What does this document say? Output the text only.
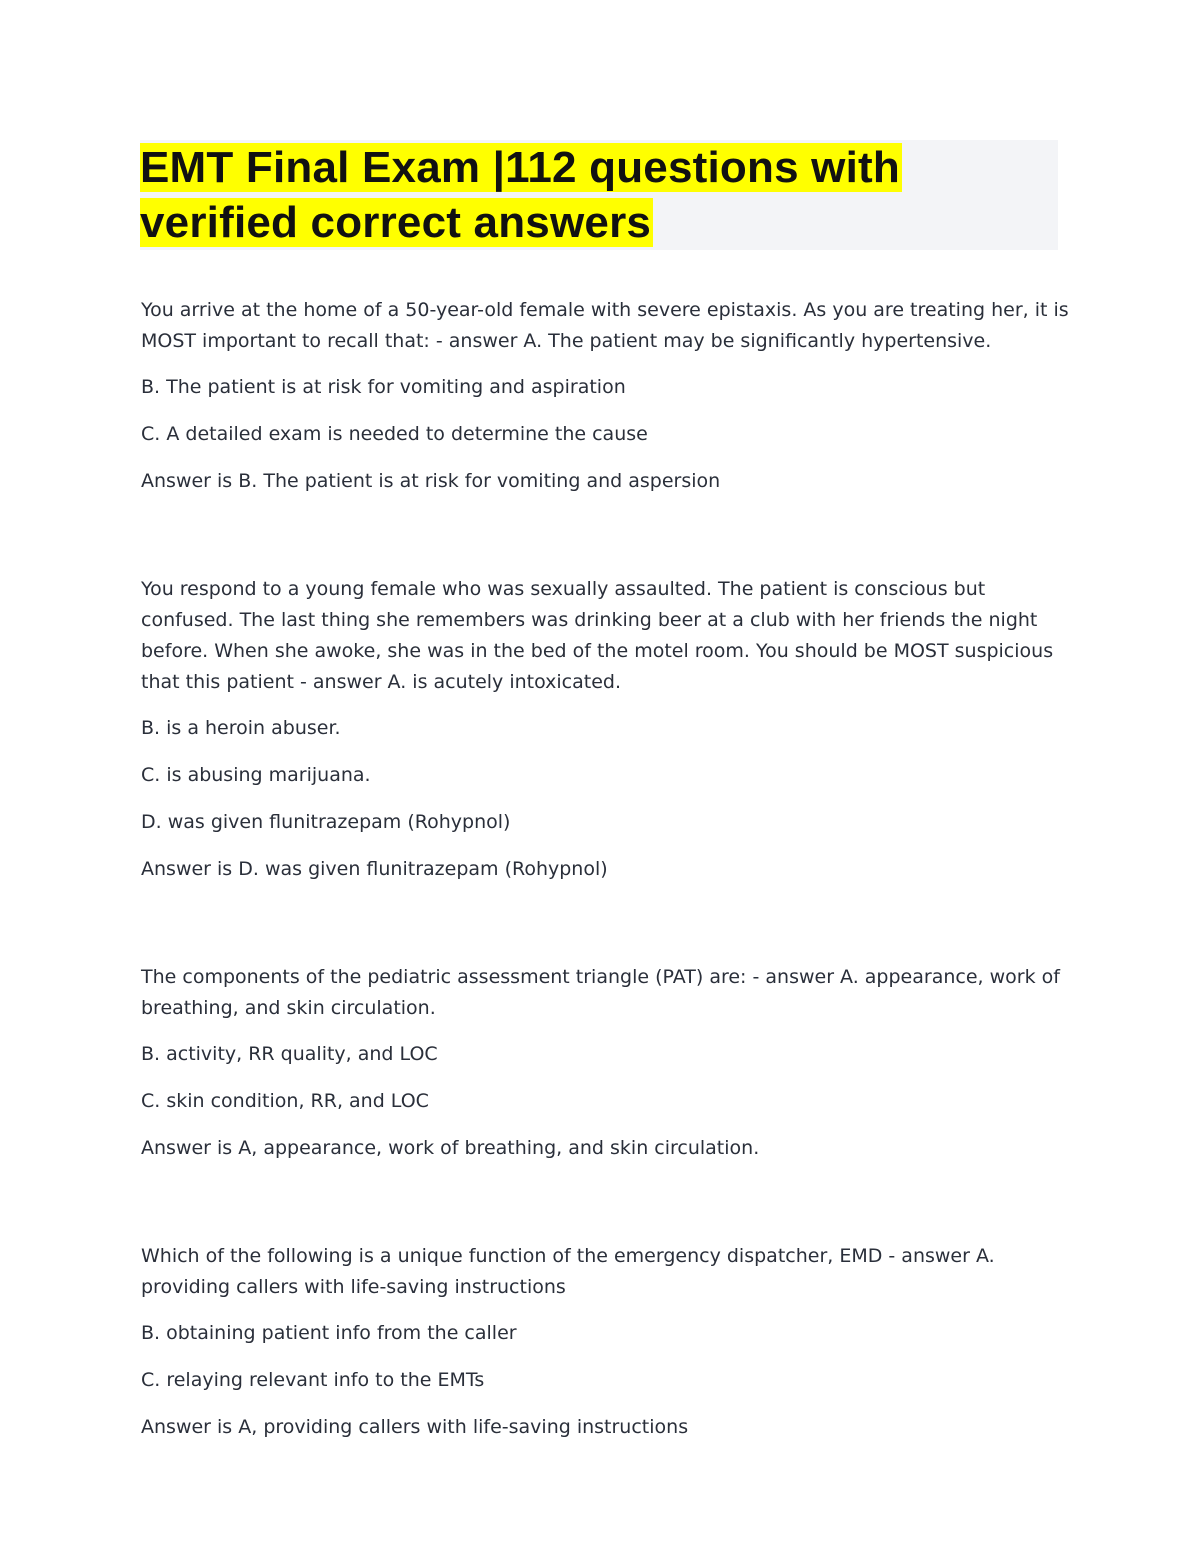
EMT Final Exam |112 questions with verified correct answers

You arrive at the home of a 50-year-old female with severe epistaxis. As you are treating her, it is MOST important to recall that: - answer A. The patient may be significantly hypertensive.

B. The patient is at risk for vomiting and aspiration

C. A detailed exam is needed to determine the cause

Answer is B. The patient is at risk for vomiting and aspersion

You respond to a young female who was sexually assaulted. The patient is conscious but confused. The last thing she remembers was drinking beer at a club with her friends the night before. When she awoke, she was in the bed of the motel room. You should be MOST suspicious that this patient - answer A. is acutely intoxicated.

B. is a heroin abuser.

C. is abusing marijuana.

D. was given flunitrazepam (Rohypnol)

Answer is D. was given flunitrazepam (Rohypnol)

The components of the pediatric assessment triangle (PAT) are: - answer A. appearance, work of breathing, and skin circulation.

B. activity, RR quality, and LOC

C. skin condition, RR, and LOC

Answer is A, appearance, work of breathing, and skin circulation.

Which of the following is a unique function of the emergency dispatcher, EMD - answer A. providing callers with life-saving instructions

B. obtaining patient info from the caller

C. relaying relevant info to the EMTs

Answer is A, providing callers with life-saving instructions
